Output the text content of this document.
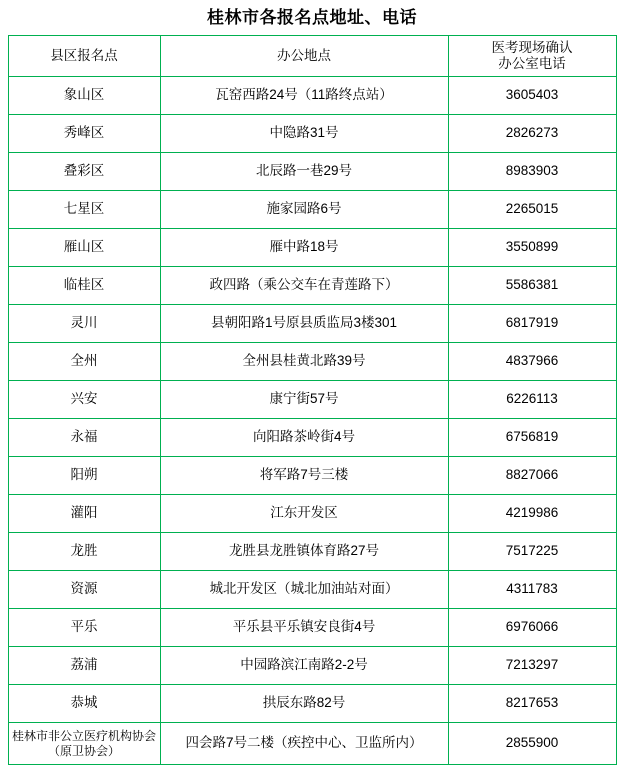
桂林市各报名点地址、电话
县区报名点	办公地点	医考现场确认
办公室电话

象山区	瓦窑西路24号（11路终点站）	3605403
秀峰区	中隐路31号	2826273
叠彩区	北辰路一巷29号	8983903
七星区	施家园路6号	2265015
雁山区	雁中路18号	3550899
临桂区	政四路（乘公交车在青莲路下）	5586381
灵川	县朝阳路1号原县质监局3楼301	6817919
全州	全州县桂黄北路39号	4837966
兴安	康宁街57号	6226113
永福	向阳路茶岭街4号	6756819
阳朔	将军路7号三楼	8827066
灌阳	江东开发区	4219986
龙胜	龙胜县龙胜镇体育路27号	7517225
资源	城北开发区（城北加油站对面）	4311783
平乐	平乐县平乐镇安良街4号	6976066
荔浦	中园路滨江南路2-2号	7213297
恭城	拱辰东路82号	8217653
桂林市非公立医疗机构协会（原卫协会）	四会路7号二楼（疾控中心、卫监所内）	2855900
